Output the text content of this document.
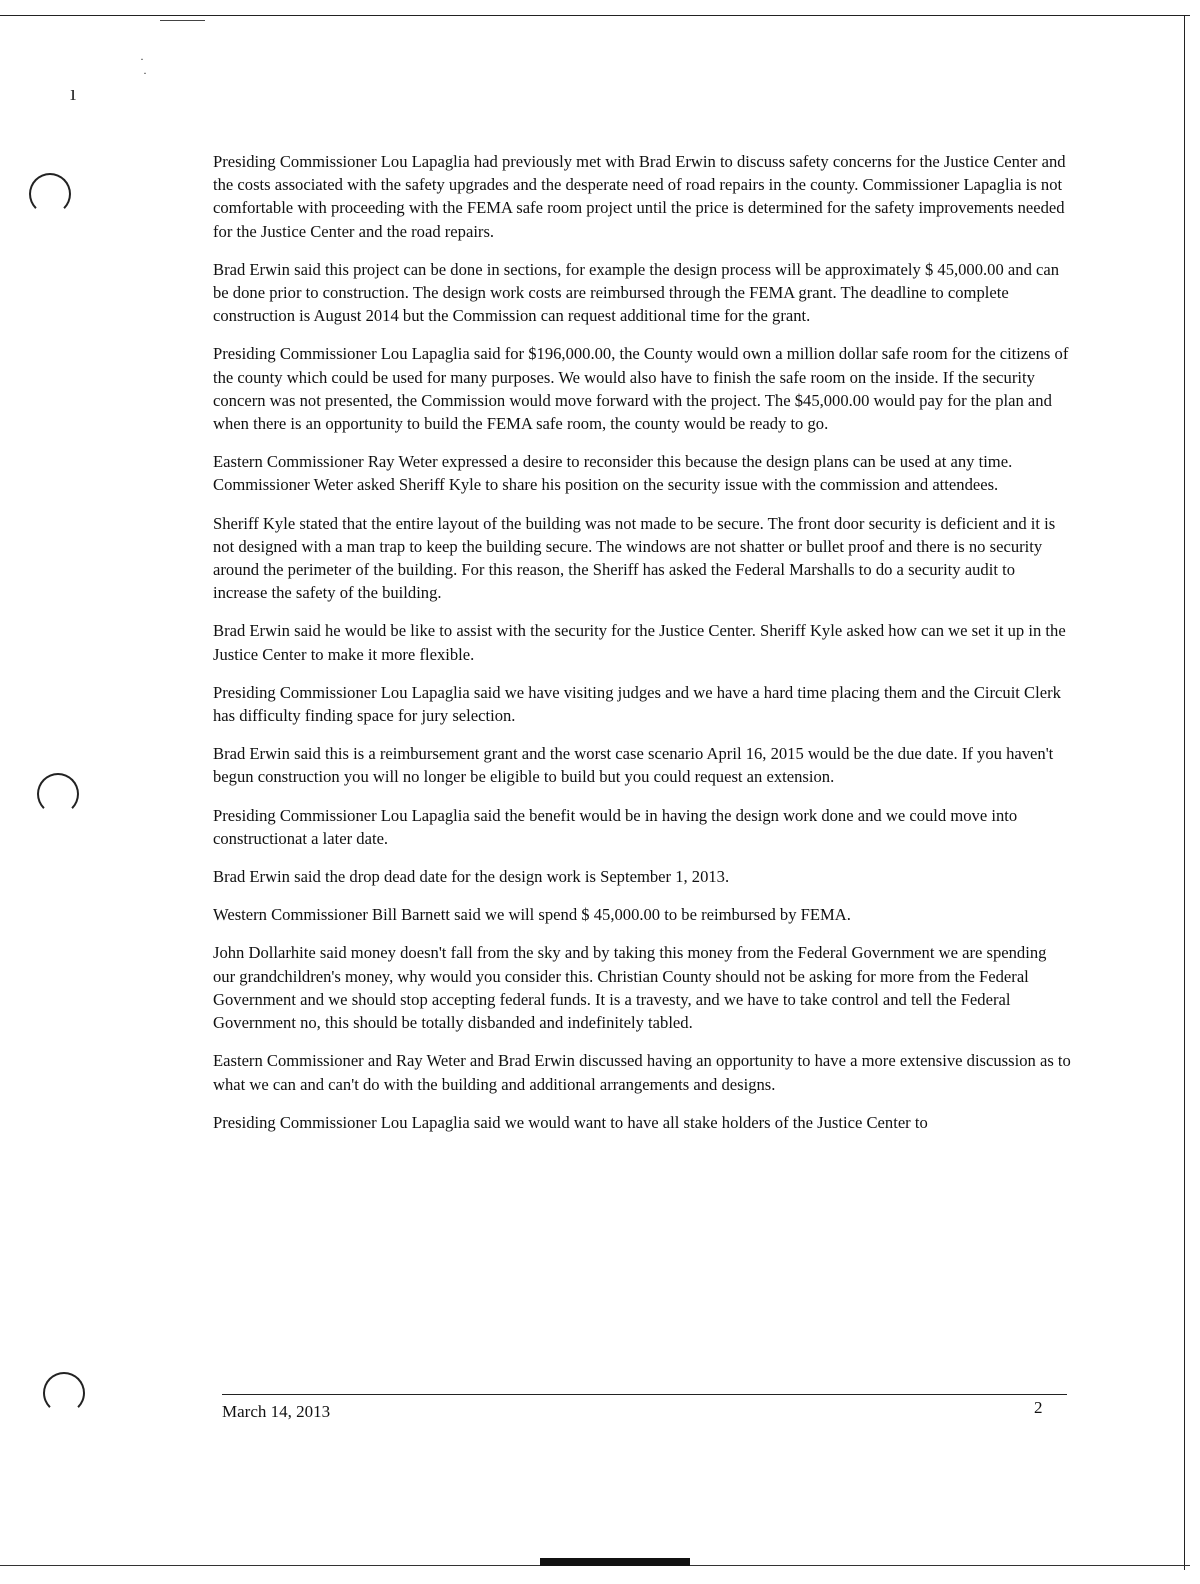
ı
·
·

Presiding Commissioner Lou Lapaglia had previously met with Brad Erwin to discuss safety concerns for the Justice Center and the costs associated with the safety upgrades and the desperate need of road repairs in the county. Commissioner Lapaglia is not comfortable with proceeding with the FEMA safe room project until the price is determined for the safety improvements needed for the Justice Center and the road repairs.

Brad Erwin said this project can be done in sections, for example the design process will be approximately $ 45,000.00 and can be done prior to construction. The design work costs are reimbursed through the FEMA grant. The deadline to complete construction is August 2014 but the Commission can request additional time for the grant.

Presiding Commissioner Lou Lapaglia said for $196,000.00, the County would own a million dollar safe room for the citizens of the county which could be used for many purposes. We would also have to finish the safe room on the inside. If the security concern was not presented, the Commission would move forward with the project. The $45,000.00 would pay for the plan and when there is an opportunity to build the FEMA safe room, the county would be ready to go.

Eastern Commissioner Ray Weter expressed a desire to reconsider this because the design plans can be used at any time. Commissioner Weter asked Sheriff Kyle to share his position on the security issue with the commission and attendees.

Sheriff Kyle stated that the entire layout of the building was not made to be secure. The front door security is deficient and it is not designed with a man trap to keep the building secure. The windows are not shatter or bullet proof and there is no security around the perimeter of the building. For this reason, the Sheriff has asked the Federal Marshalls to do a security audit to increase the safety of the building.

Brad Erwin said he would be like to assist with the security for the Justice Center. Sheriff Kyle asked how can we set it up in the Justice Center to make it more flexible.

Presiding Commissioner Lou Lapaglia said we have visiting judges and we have a hard time placing them and the Circuit Clerk has difficulty finding space for jury selection.

Brad Erwin said this is a reimbursement grant and the worst case scenario April 16, 2015 would be the due date. If you haven't begun construction you will no longer be eligible to build but you could request an extension.

Presiding Commissioner Lou Lapaglia said the benefit would be in having the design work done and we could move into constructionat a later date.

Brad Erwin said the drop dead date for the design work is September 1, 2013.

Western Commissioner Bill Barnett said we will spend $ 45,000.00 to be reimbursed by FEMA.

John Dollarhite said money doesn't fall from the sky and by taking this money from the Federal Government we are spending our grandchildren's money, why would you consider this. Christian County should not be asking for more from the Federal Government and we should stop accepting federal funds. It is a travesty, and we have to take control and tell the Federal Government no, this should be totally disbanded and indefinitely tabled.

Eastern Commissioner and Ray Weter and Brad Erwin discussed having an opportunity to have a more extensive discussion as to what we can and can't do with the building and additional arrangements and designs.

Presiding Commissioner Lou Lapaglia said we would want to have all stake holders of the Justice Center to

March 14, 2013	2
